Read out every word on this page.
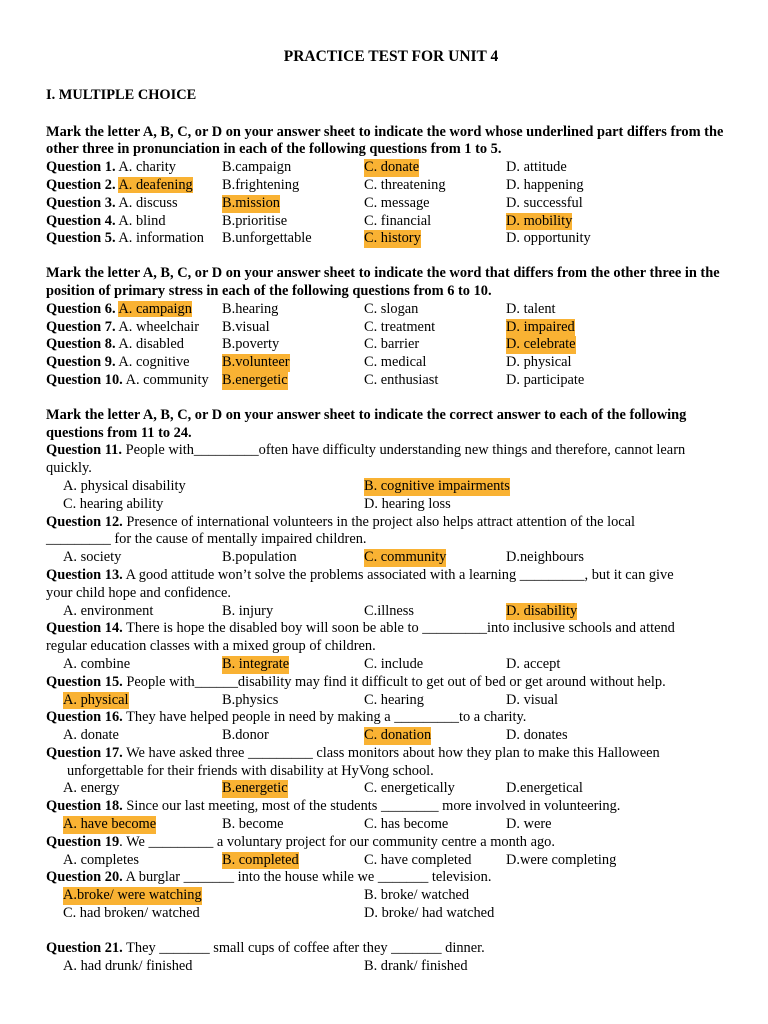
PRACTICE TEST FOR UNIT 4
I. MULTIPLE CHOICE

Mark the letter A, B, C, or D on your answer sheet to indicate the word whose underlined part differs from the other three in pronunciation in each of the following questions from 1 to 5.

Question 1. A. charity	B.campaign	C. donate	D. attitude
Question 2. A. deafening B.frightening	C. threatening	D. happening
Question 3. A. discuss	B.mission	C. message	D. successful
Question 4. A. blind	B.prioritise	C. financial	D. mobility
Question 5. A. information B.unforgettable	C. history	D. opportunity

Mark the letter A, B, C, or D on your answer sheet to indicate the word that differs from the other three in the position of primary stress in each of the following questions from 6 to 10.

Question 6. A. campaign B.hearing	C. slogan	D. talent
Question 7. A. wheelchair B.visual	C. treatment	D. impaired
Question 8. A. disabled	B.poverty	C. barrier	D. celebrate
Question 9. A. cognitive B.volunteer	C. medical	D. physical
Question 10. A. community B.energetic	C. enthusiast	D. participate

Mark the letter A, B, C, or D on your answer sheet to indicate the correct answer to each of the following questions from 11 to 24.

Question 11. People with_________often have difficulty understanding new things and therefore, cannot learn

quickly.

A. physical disability	B. cognitive impairments
C. hearing ability	D. hearing loss

Question 12. Presence of international volunteers in the project also helps attract attention of the local

_________ for the cause of mentally impaired children.

A. society	B.population	C. community	D.neighbours

Question 13. A good attitude won’t solve the problems associated with a learning _________, but it can give

your child hope and confidence.

A. environment	B. injury	C.illness	D. disability

Question 14. There is hope the disabled boy will soon be able to _________into inclusive schools and attend

regular education classes with a mixed group of children.

A. combine	B. integrate	C. include	D. accept

Question 15. People with______disability may find it difficult to get out of bed or get around without help.

A. physical	B.physics	C. hearing	D. visual

Question 16. They have helped people in need by making a _________to a charity.

A. donate	B.donor	C. donation	D. donates

Question 17. We have asked three _________ class monitors about how they plan to make this Halloween

unforgettable for their friends with disability at HyVong school.

A. energy	B.energetic	C. energetically	D.energetical

Question 18. Since our last meeting, most of the students ________ more involved in volunteering.

A. have become	B. become	C. has become	D. were

Question 19. We _________ a voluntary project for our community centre a month ago.

A. completes	B. completed	C. have completed D.were completing

Question 20. A burglar _______ into the house while we _______ television.

A.broke/ were watching	B. broke/ watched
C. had broken/ watched	D. broke/ had watched

Question 21. They _______ small cups of coffee after they _______ dinner.

A. had drunk/ finished	B. drank/ finished
